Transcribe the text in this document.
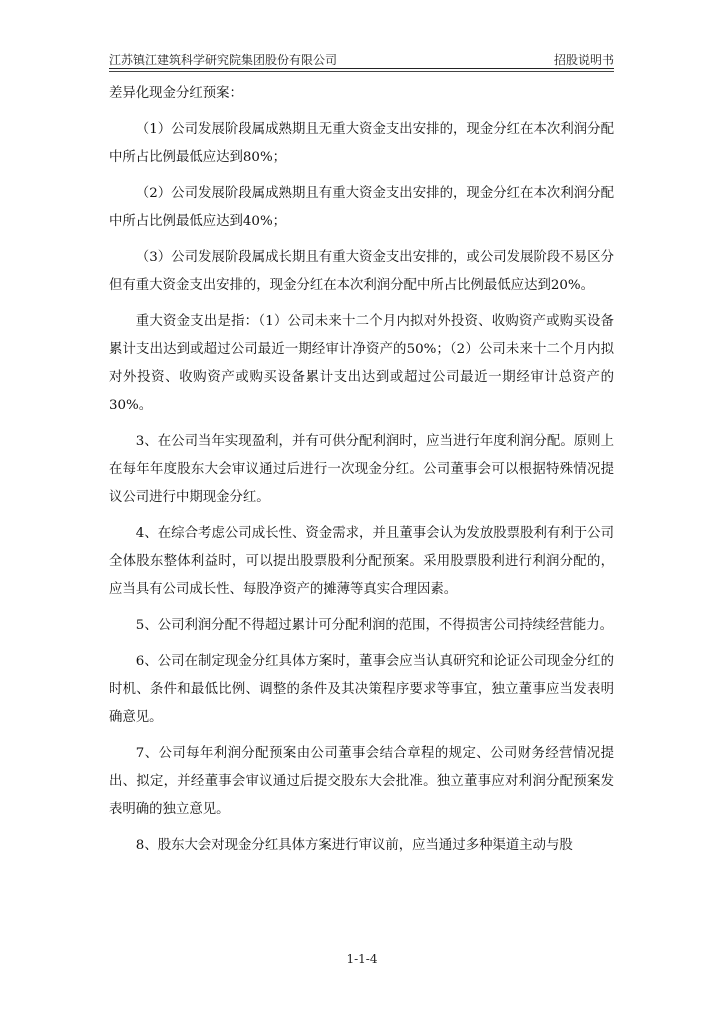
江苏镇江建筑科学研究院集团股份有限公司	招股说明书

差异化现金分红预案：

（1）公司发展阶段属成熟期且无重大资金支出安排的，现金分红在本次利润分配中所占比例最低应达到80%；

（2）公司发展阶段属成熟期且有重大资金支出安排的，现金分红在本次利润分配中所占比例最低应达到40%；

（3）公司发展阶段属成长期且有重大资金支出安排的，或公司发展阶段不易区分但有重大资金支出安排的，现金分红在本次利润分配中所占比例最低应达到20%。

重大资金支出是指：（1）公司未来十二个月内拟对外投资、收购资产或购买设备累计支出达到或超过公司最近一期经审计净资产的50%；（2）公司未来十二个月内拟对外投资、收购资产或购买设备累计支出达到或超过公司最近一期经审计总资产的30%。

3、在公司当年实现盈利，并有可供分配利润时，应当进行年度利润分配。原则上在每年年度股东大会审议通过后进行一次现金分红。公司董事会可以根据特殊情况提议公司进行中期现金分红。

4、在综合考虑公司成长性、资金需求，并且董事会认为发放股票股利有利于公司全体股东整体利益时，可以提出股票股利分配预案。采用股票股利进行利润分配的，应当具有公司成长性、每股净资产的摊薄等真实合理因素。

5、公司利润分配不得超过累计可分配利润的范围，不得损害公司持续经营能力。

6、公司在制定现金分红具体方案时，董事会应当认真研究和论证公司现金分红的时机、条件和最低比例、调整的条件及其决策程序要求等事宜，独立董事应当发表明确意见。

7、公司每年利润分配预案由公司董事会结合章程的规定、公司财务经营情况提出、拟定，并经董事会审议通过后提交股东大会批准。独立董事应对利润分配预案发表明确的独立意见。

8、股东大会对现金分红具体方案进行审议前，应当通过多种渠道主动与股

1-1-4
